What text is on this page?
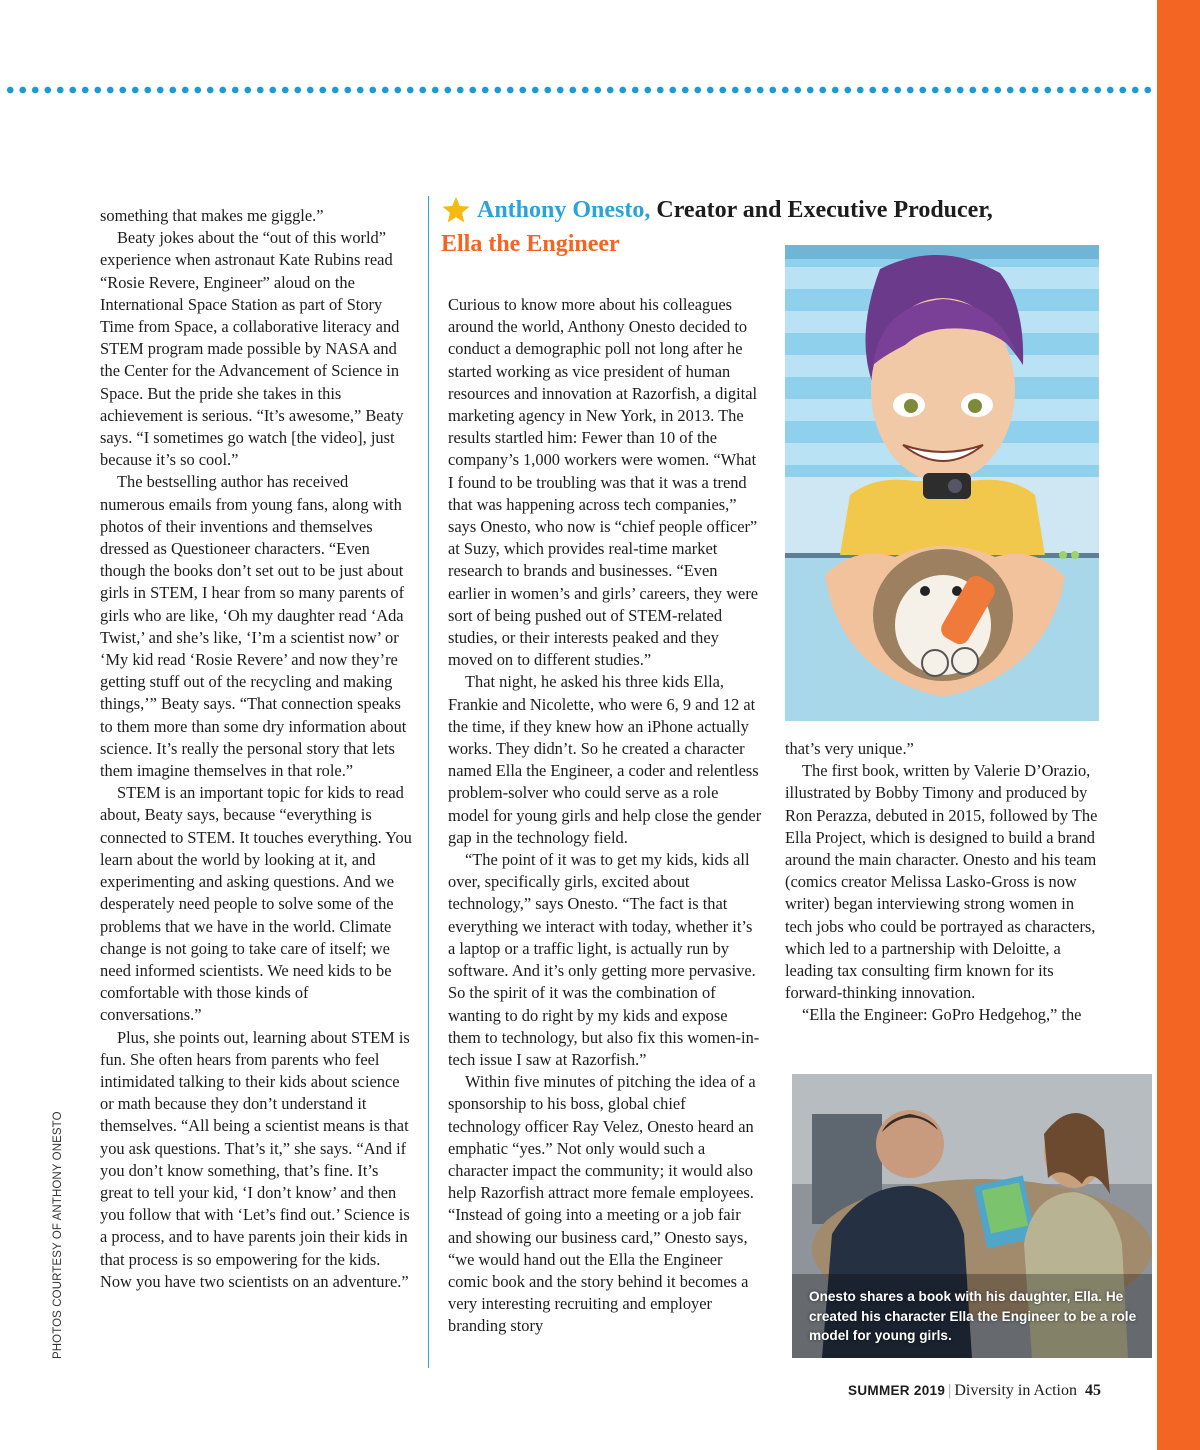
something that makes me giggle.”

Beaty jokes about the “out of this world” experience when astronaut Kate Rubins read “Rosie Revere, Engineer” aloud on the International Space Station as part of Story Time from Space, a collaborative literacy and STEM program made possible by NASA and the Center for the Advancement of Science in Space. But the pride she takes in this achievement is serious. “It’s awesome,” Beaty says. “I sometimes go watch [the video], just because it’s so cool.”

The bestselling author has received numerous emails from young fans, along with photos of their inventions and themselves dressed as Questioneer characters. “Even though the books don’t set out to be just about girls in STEM, I hear from so many parents of girls who are like, ‘Oh my daughter read ‘Ada Twist,’ and she’s like, ‘I’m a scientist now’ or ‘My kid read ‘Rosie Revere’ and now they’re getting stuff out of the recycling and making things,’” Beaty says. “That connection speaks to them more than some dry information about science. It’s really the personal story that lets them imagine themselves in that role.”

STEM is an important topic for kids to read about, Beaty says, because “everything is connected to STEM. It touches everything. You learn about the world by looking at it, and experimenting and asking questions. And we desperately need people to solve some of the problems that we have in the world. Climate change is not going to take care of itself; we need informed scientists. We need kids to be comfortable with those kinds of conversations.”

Plus, she points out, learning about STEM is fun. She often hears from parents who feel intimidated talking to their kids about science or math because they don’t understand it themselves. “All being a scientist means is that you ask questions. That’s it,” she says. “And if you don’t know something, that’s fine. It’s great to tell your kid, ‘I don’t know’ and then you follow that with ‘Let’s find out.’ Science is a process, and to have parents join their kids in that process is so empowering for the kids. Now you have two scientists on an adventure.”

Anthony Onesto,
Creator and Executive Producer,
Ella the Engineer

Curious to know more about his colleagues around the world, Anthony Onesto decided to conduct a demographic poll not long after he started working as vice president of human resources and innovation at Razorfish, a digital marketing agency in New York, in 2013. The results startled him: Fewer than 10 of the company’s 1,000 workers were women. “What I found to be troubling was that it was a trend that was happening across tech companies,” says Onesto, who now is “chief people officer” at Suzy, which provides real-time market research to brands and businesses. “Even earlier in women’s and girls’ careers, they were sort of being pushed out of STEM-related studies, or their interests peaked and they moved on to different studies.”

That night, he asked his three kids Ella, Frankie and Nicolette, who were 6, 9 and 12 at the time, if they knew how an iPhone actually works. They didn’t. So he created a character named Ella the Engineer, a coder and relentless problem-solver who could serve as a role model for young girls and help close the gender gap in the technology field.

“The point of it was to get my kids, kids all over, specifically girls, excited about technology,” says Onesto. “The fact is that everything we interact with today, whether it’s a laptop or a traffic light, is actually run by software. And it’s only getting more pervasive. So the spirit of it was the combination of wanting to do right by my kids and expose them to technology, but also fix this women-in-tech issue I saw at Razorfish.”

Within five minutes of pitching the idea of a sponsorship to his boss, global chief technology officer Ray Velez, Onesto heard an emphatic “yes.” Not only would such a character impact the community; it would also help Razorfish attract more female employees. “Instead of going into a meeting or a job fair and showing our business card,” Onesto says, “we would hand out the Ella the Engineer comic book and the story behind it becomes a very interesting recruiting and employer branding story

that’s very unique.”

The first book, written by Valerie D’Orazio, illustrated by Bobby Timony and produced by Ron Perazza, debuted in 2015, followed by The Ella Project, which is designed to build a brand around the main character. Onesto and his team (comics creator Melissa Lasko-Gross is now writer) began interviewing strong women in tech jobs who could be portrayed as characters, which led to a partnership with Deloitte, a leading tax consulting firm known for its forward-thinking innovation.

“Ella the Engineer: GoPro Hedgehog,” the

Onesto shares a book with his daughter, Ella. He created his character Ella the Engineer to be a role model for young girls.
PHOTOS COURTESY OF ANTHONY ONESTO
SUMMER 2019 | Diversity in Action 45
